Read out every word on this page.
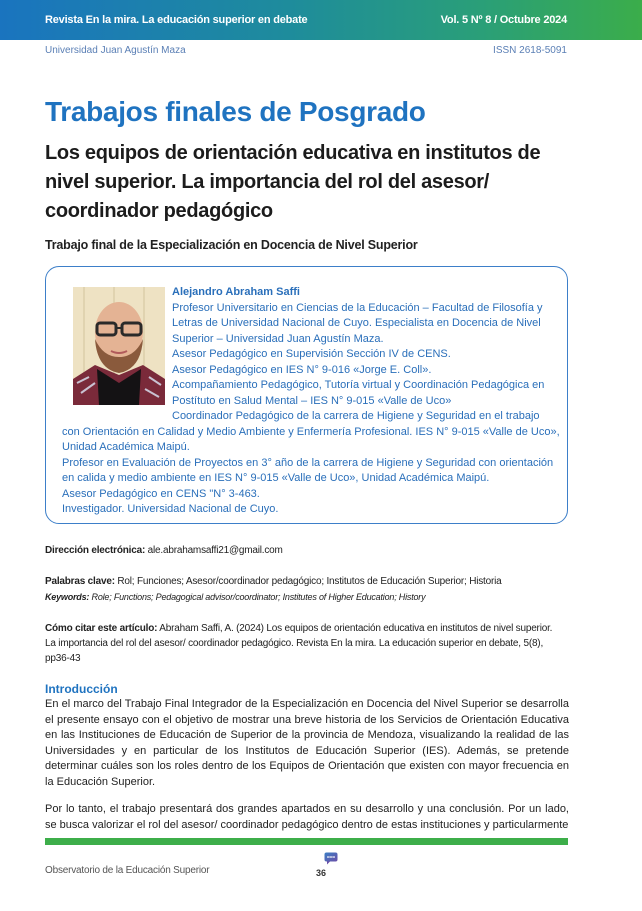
Revista En la mira. La educación superior en debate	Vol. 5 Nº 8 / Octubre 2024
Universidad Juan Agustín Maza	ISSN 2618-5091
Trabajos finales de Posgrado
Los equipos de orientación educativa en institutos de nivel superior. La importancia del rol del asesor/ coordinador pedagógico
Trabajo final de la Especialización en Docencia de Nivel Superior
Alejandro Abraham Saffi
Profesor Universitario en Ciencias de la Educación – Facultad de Filosofía y Letras de Universidad Nacional de Cuyo. Especialista en Docencia de Nivel Superior – Universidad Juan Agustín Maza.
Asesor Pedagógico en Supervisión Sección IV de CENS.
Asesor Pedagógico en IES N° 9-016 «Jorge E. Coll».
Acompañamiento Pedagógico, Tutoría virtual y Coordinación Pedagógica en Postítuto en Salud Mental – IES N° 9-015 «Valle de Uco»
Coordinador Pedagógico de la carrera de Higiene y Seguridad en el trabajo
con Orientación en Calidad y Medio Ambiente y Enfermería Profesional. IES N° 9-015 «Valle de Uco», Unidad Académica Maipú.
Profesor en Evaluación de Proyectos en 3° año de la carrera de Higiene y Seguridad con orientación en calida y medio ambiente en IES N° 9-015 «Valle de Uco», Unidad Académica Maipú.
Asesor Pedagógico en CENS "N° 3-463.
Investigador. Universidad Nacional de Cuyo.
Dirección electrónica: ale.abrahamsaffi21@gmail.com
Palabras clave: Rol; Funciones; Asesor/coordinador pedagógico; Institutos de Educación Superior; Historia
Keywords: Role; Functions; Pedagogical advisor/coordinator; Institutes of Higher Education; History
Cómo citar este artículo: Abraham Saffi, A. (2024) Los equipos de orientación educativa en institutos de nivel superior. La importancia del rol del asesor/ coordinador pedagógico. Revista En la mira. La educación superior en debate, 5(8), pp36-43
Introducción
En el marco del Trabajo Final Integrador de la Especialización en Docencia del Nivel Superior se desarrolla el presente ensayo con el objetivo de mostrar una breve historia de los Servicios de Orientación Educativa en las Instituciones de Educación de Superior de la provincia de Mendoza, visualizando la realidad de las Universidades y en particular de los Institutos de Educación Superior (IES). Además, se pretende determinar cuáles son los roles dentro de los Equipos de Orientación que existen con mayor frecuencia en la Educación Superior.
Por lo tanto, el trabajo presentará dos grandes apartados en su desarrollo y una conclusión. Por un lado, se busca valorizar el rol del asesor/ coordinador pedagógico dentro de estas instituciones y particularmente
Observatorio de la Educación Superior	36
